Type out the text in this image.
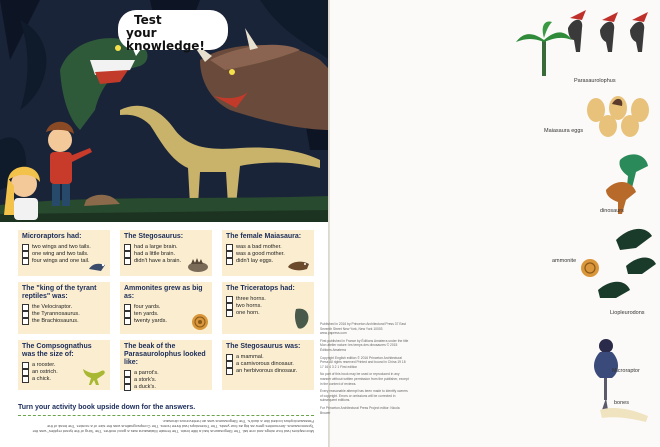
Test
your knowledge!
Microraptors had:
two wings and two tails.
one wing and two tails.
four wings and one tail.
The Stegosaurus:
had a large brain.
had a little brain.
didn't have a brain.
The female Maiasaura:
was a bad mother.
was a good mother.
didn't lay eggs.
The "king of the tyrant reptiles" was:
the Velociraptor.
the Tyrannosaurus.
the Brachiosaurus.
Ammonites grew as big as:
four yards.
ten yards.
twenty yards.
The Triceratops had:
three horns.
two horns.
one horn.
The Compsognathus was the size of:
a rooster.
an ostrich.
a chick.
The beak of the Parasaurolophus looked like:
a parrot's.
a stork's.
a duck's.
The Stegosaurus was:
a mammal.
a carnivorous dinosaur.
an herbivorous dinosaur.
Turn your activity book upside down for the answers.
Microraptors had four wings and one tail. The Stegosaurus had a little brain. The female Maiasaura was a good mother. The "king of the tyrant reptiles" was the Tyrannosaurus. Ammonites grew as big as four yards. The Triceratops had three horns. The Compsognathus was the size of a rooster. The beak of the Parasaurolophus looked like a duck's. The Stegosaurus was an herbivorous dinosaur.
Parasaurolophus
Maiasaura eggs
dinosaurs
ammonite
Liopleurodons
Microraptor
bones

Published in 2016 by Princeton Architectural Press 37 East Seventh Street New York, New York 10003 www.papress.com

First published in France by Éditions Amaterra under the title Mon atelier nature: les temps des dinosaures © 2015 Éditions Amaterra

Copyright English edition © 2016 Princeton Architectural Press All rights reserved Printed and bound in China 19 18 17 16 4 3 2 1 First edition

No part of this book may be used or reproduced in any manner without written permission from the publisher, except in the context of reviews.

Every reasonable attempt has been made to identify owners of copyright. Errors or omissions will be corrected in subsequent editions.

For Princeton Architectural Press Project editor: Nicola Brower
